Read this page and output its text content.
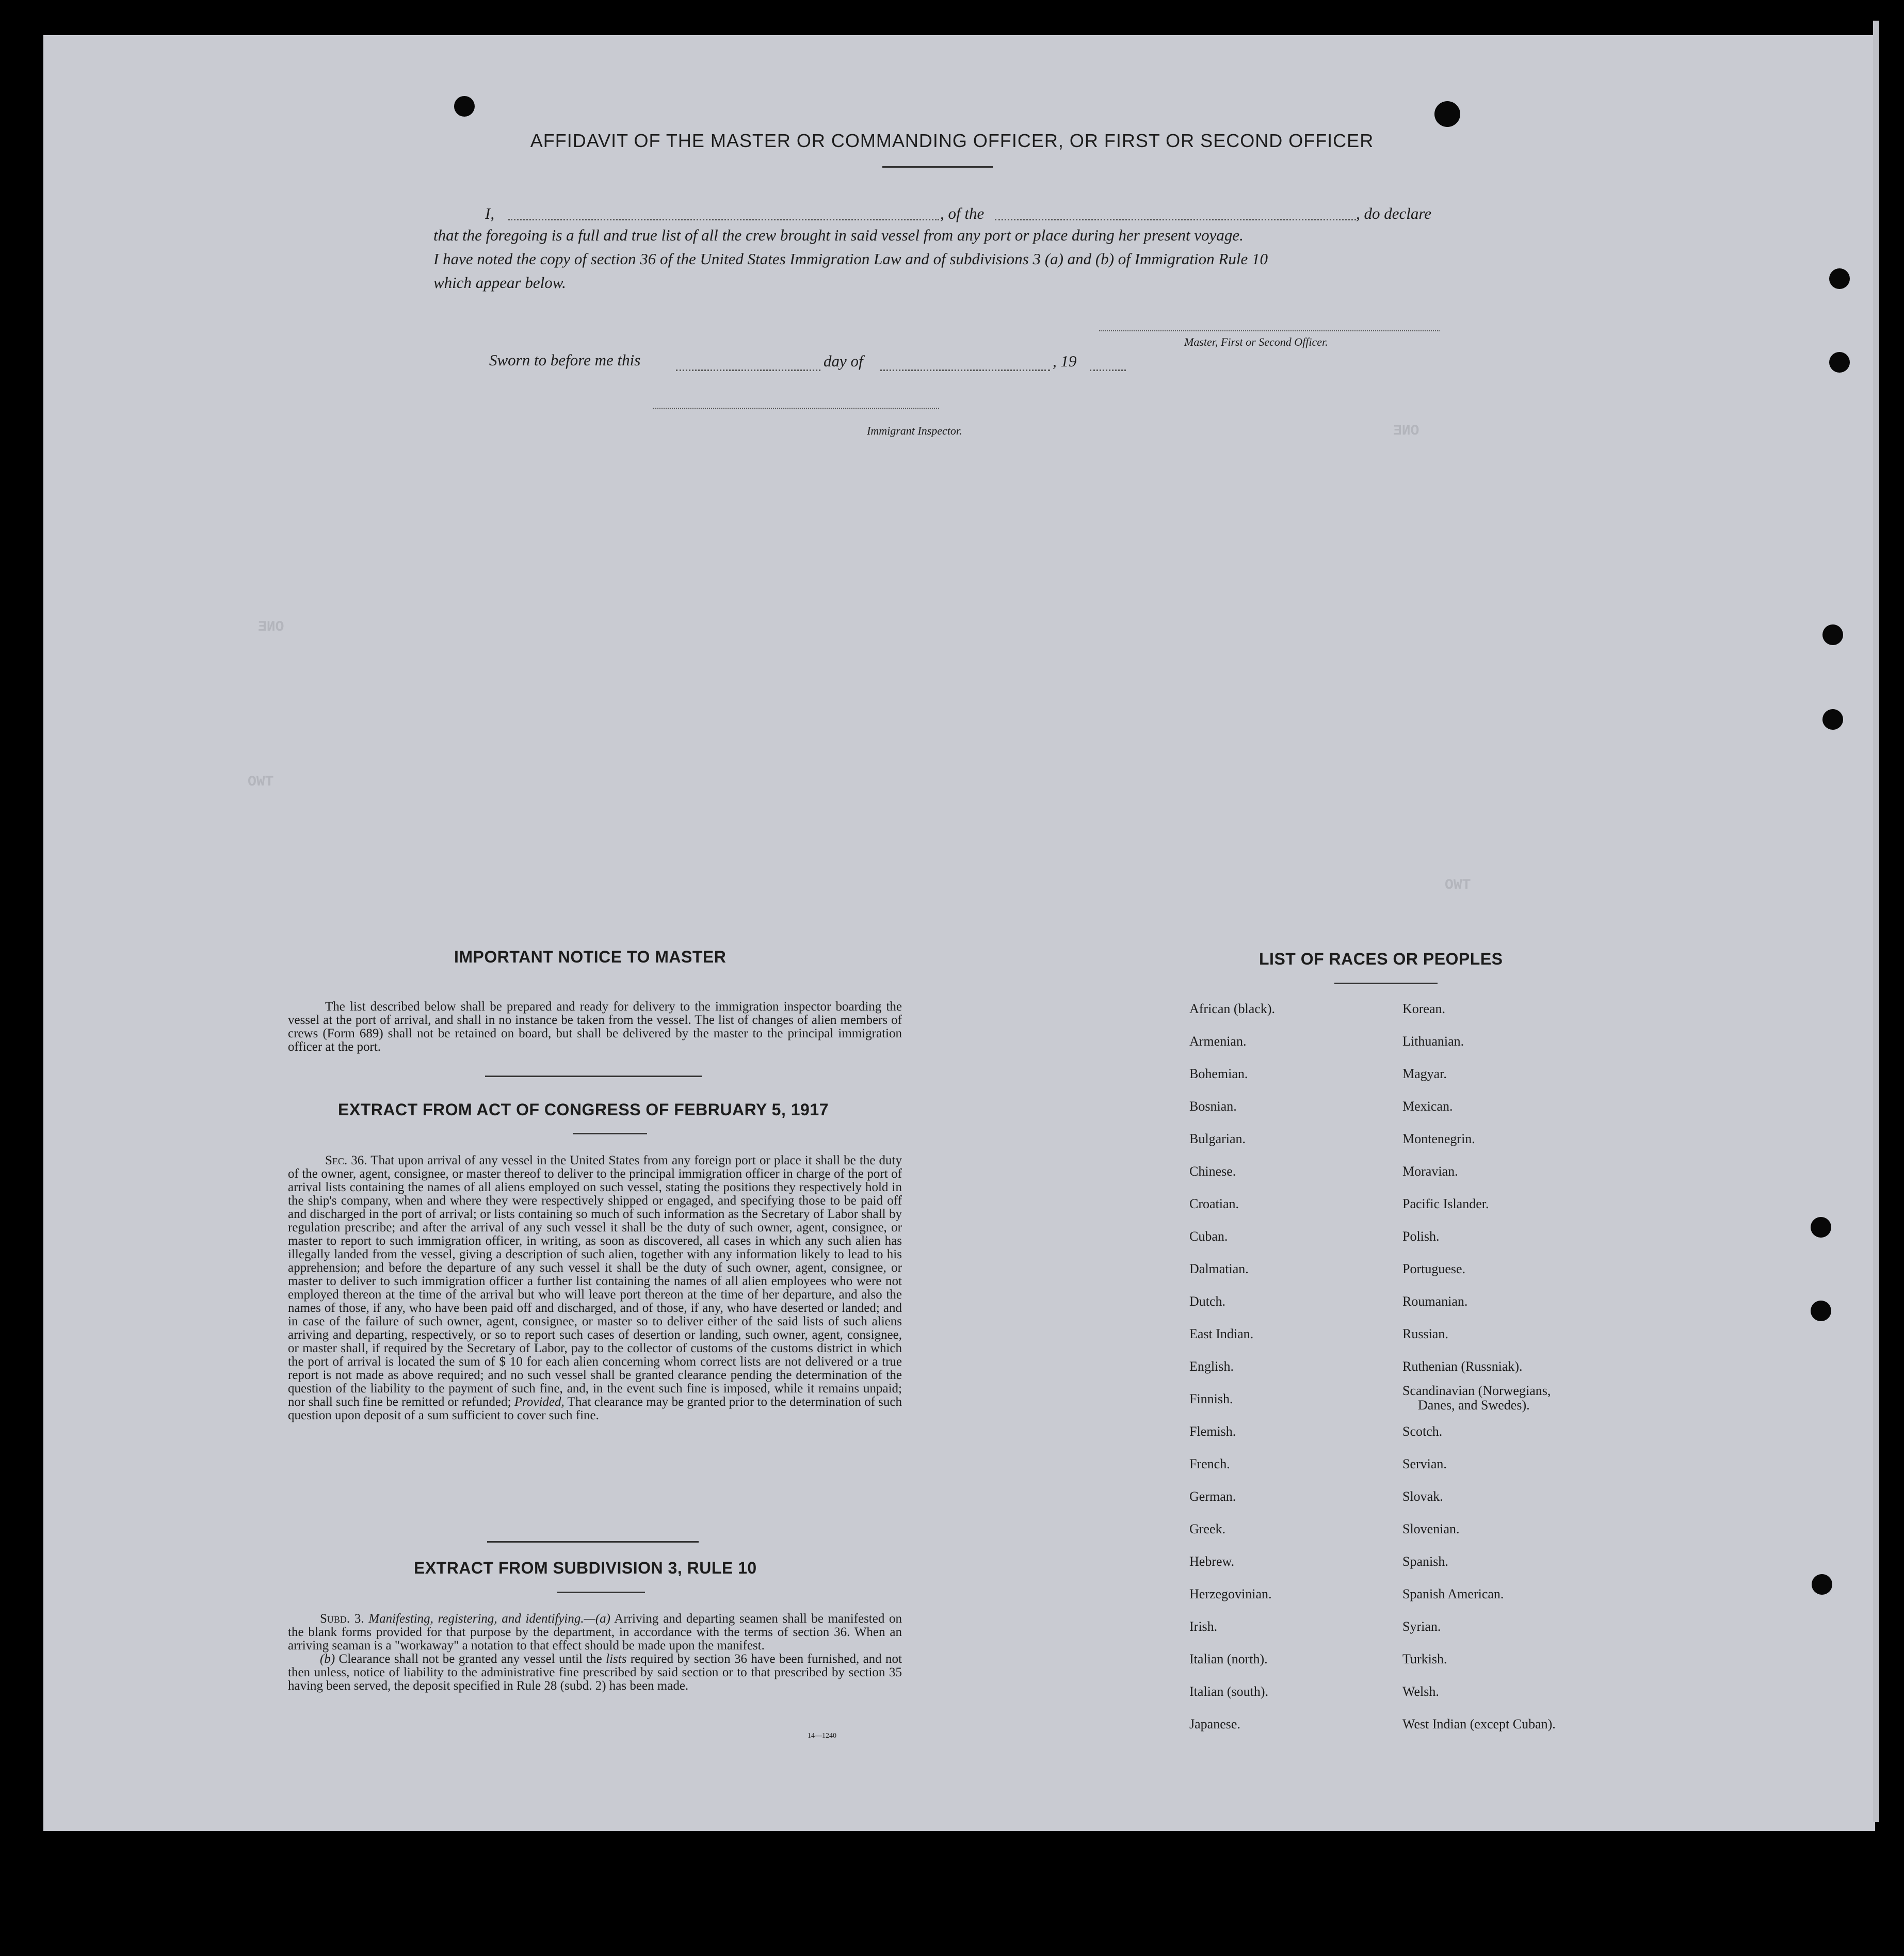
ONE
TWO
ONE
TWO
AFFIDAVIT OF THE MASTER OR COMMANDING OFFICER, OR FIRST OR SECOND OFFICER
I,	, of the	, do declare
that the foregoing is a full and true list of all the crew brought in said vessel from any port or place during her present voyage.
I have noted the copy of section 36 of the United States Immigration Law and of subdivisions 3 (a) and (b) of Immigration Rule 10
which appear below.
Master, First or Second Officer.
Sworn to before me this	day of	, 19
Immigrant Inspector.
IMPORTANT NOTICE TO MASTER

The list described below shall be prepared and ready for delivery to the immigration inspector boarding the vessel at the port of arrival, and shall in no instance be taken from the vessel. The list of changes of alien members of crews (Form 689) shall not be retained on board, but shall be delivered by the master to the principal immigration officer at the port.

EXTRACT FROM ACT OF CONGRESS OF FEBRUARY 5, 1917

Sec. 36. That upon arrival of any vessel in the United States from any foreign port or place it shall be the duty of the owner, agent, consignee, or master thereof to deliver to the principal immigration officer in charge of the port of arrival lists containing the names of all aliens employed on such vessel, stating the positions they respectively hold in the ship's company, when and where they were respectively shipped or engaged, and specifying those to be paid off and discharged in the port of arrival; or lists containing so much of such information as the Secretary of Labor shall by regulation prescribe; and after the arrival of any such vessel it shall be the duty of such owner, agent, consignee, or master to report to such immigration officer, in writing, as soon as discovered, all cases in which any such alien has illegally landed from the vessel, giving a description of such alien, together with any information likely to lead to his apprehension; and before the departure of any such vessel it shall be the duty of such owner, agent, consignee, or master to deliver to such immigration officer a further list containing the names of all alien employees who were not employed thereon at the time of the arrival but who will leave port thereon at the time of her departure, and also the names of those, if any, who have been paid off and discharged, and of those, if any, who have deserted or landed; and in case of the failure of such owner, agent, consignee, or master so to deliver either of the said lists of such aliens arriving and departing, respectively, or so to report such cases of desertion or landing, such owner, agent, consignee, or master shall, if required by the Secretary of Labor, pay to the collector of customs of the customs district in which the port of arrival is located the sum of $ 10 for each alien concerning whom correct lists are not delivered or a true report is not made as above required; and no such vessel shall be granted clearance pending the determination of the question of the liability to the payment of such fine, and, in the event such fine is imposed, while it remains unpaid; nor shall such fine be remitted or refunded; Provided, That clearance may be granted prior to the determination of such question upon deposit of a sum sufficient to cover such fine.

EXTRACT FROM SUBDIVISION 3, RULE 10

Subd. 3. Manifesting, registering, and identifying.—(a) Arriving and departing seamen shall be manifested on the blank forms provided for that purpose by the department, in accordance with the terms of section 36. When an arriving seaman is a "workaway" a notation to that effect should be made upon the manifest.

(b) Clearance shall not be granted any vessel until the lists required by section 36 have been furnished, and not then unless, notice of liability to the administrative fine prescribed by said section or to that prescribed by section 35 having been served, the deposit specified in Rule 28 (subd. 2) has been made.

14—1240
LIST OF RACES OR PEOPLES
African (black).
Armenian.
Bohemian.
Bosnian.
Bulgarian.
Chinese.
Croatian.
Cuban.
Dalmatian.
Dutch.
East Indian.
English.
Finnish.
Flemish.
French.
German.
Greek.
Hebrew.
Herzegovinian.
Irish.
Italian (north).
Italian (south).
Japanese.
Korean.
Lithuanian.
Magyar.
Mexican.
Montenegrin.
Moravian.
Pacific Islander.
Polish.
Portuguese.
Roumanian.
Russian.
Ruthenian (Russniak).
Scandinavian (Norwegians,
Danes, and Swedes).
Scotch.
Servian.
Slovak.
Slovenian.
Spanish.
Spanish American.
Syrian.
Turkish.
Welsh.
West Indian (except Cuban).
